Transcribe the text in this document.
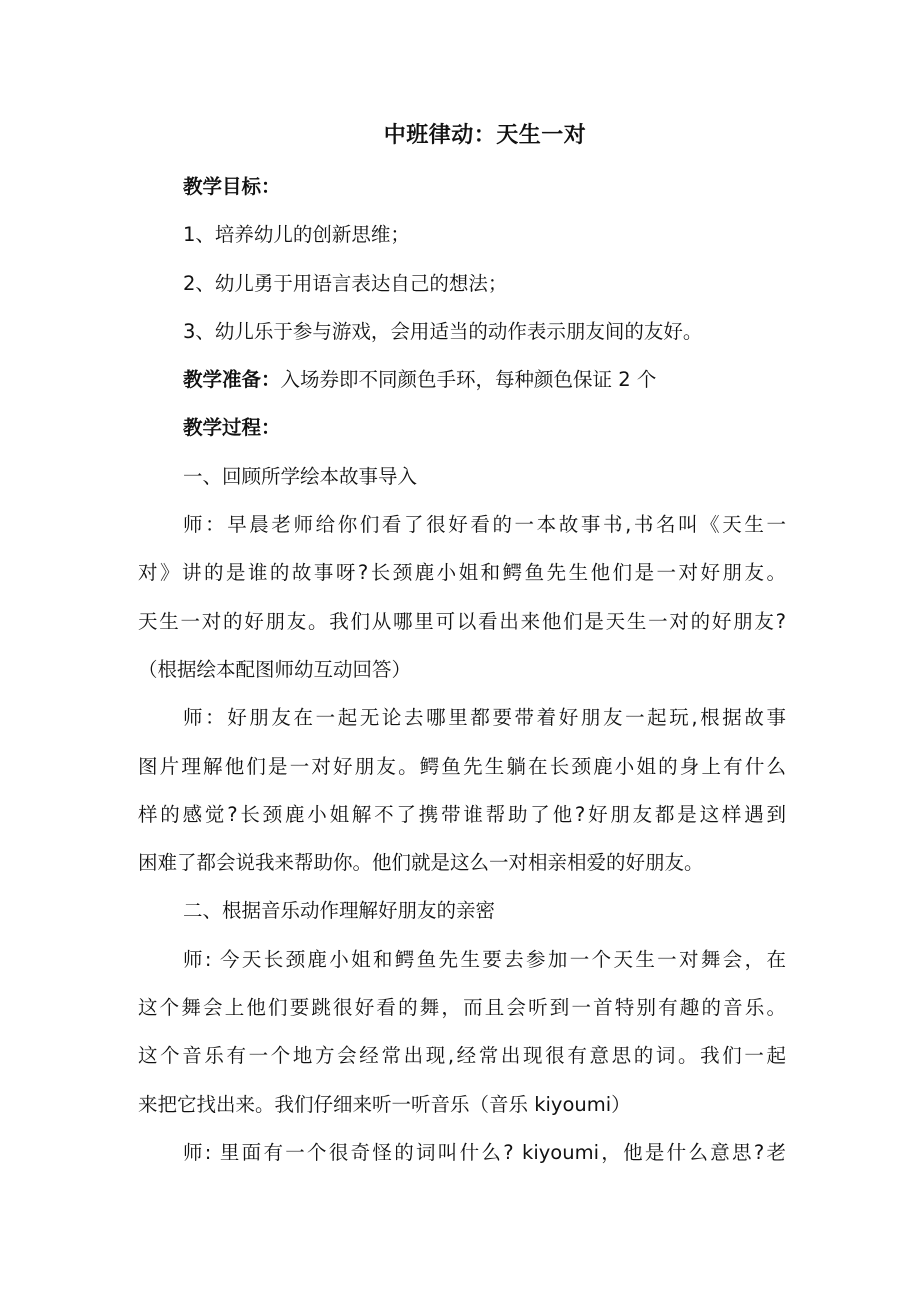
中班律动：天生一对

教学目标：

1、培养幼儿的创新思维；

2、幼儿勇于用语言表达自己的想法；

3、幼儿乐于参与游戏，会用适当的动作表示朋友间的友好。

教学准备：入场券即不同颜色手环，每种颜色保证 2 个

教学过程：

一、回顾所学绘本故事导入

师：早晨老师给你们看了很好看的一本故事书,书名叫《天生一

对》讲的是谁的故事呀?长颈鹿小姐和鳄鱼先生他们是一对好朋友。

天生一对的好朋友。我们从哪里可以看出来他们是天生一对的好朋友?

（根据绘本配图师幼互动回答）

师：好朋友在一起无论去哪里都要带着好朋友一起玩,根据故事

图片理解他们是一对好朋友。鳄鱼先生躺在长颈鹿小姐的身上有什么

样的感觉?长颈鹿小姐解不了携带谁帮助了他?好朋友都是这样遇到

困难了都会说我来帮助你。他们就是这么一对相亲相爱的好朋友。

二、根据音乐动作理解好朋友的亲密

师: 今天长颈鹿小姐和鳄鱼先生要去参加一个天生一对舞会，在

这个舞会上他们要跳很好看的舞，而且会听到一首特别有趣的音乐。

这个音乐有一个地方会经常出现,经常出现很有意思的词。我们一起

来把它找出来。我们仔细来听一听音乐（音乐 kiyoumi）

师: 里面有一个很奇怪的词叫什么? kiyoumi，他是什么意思?老
